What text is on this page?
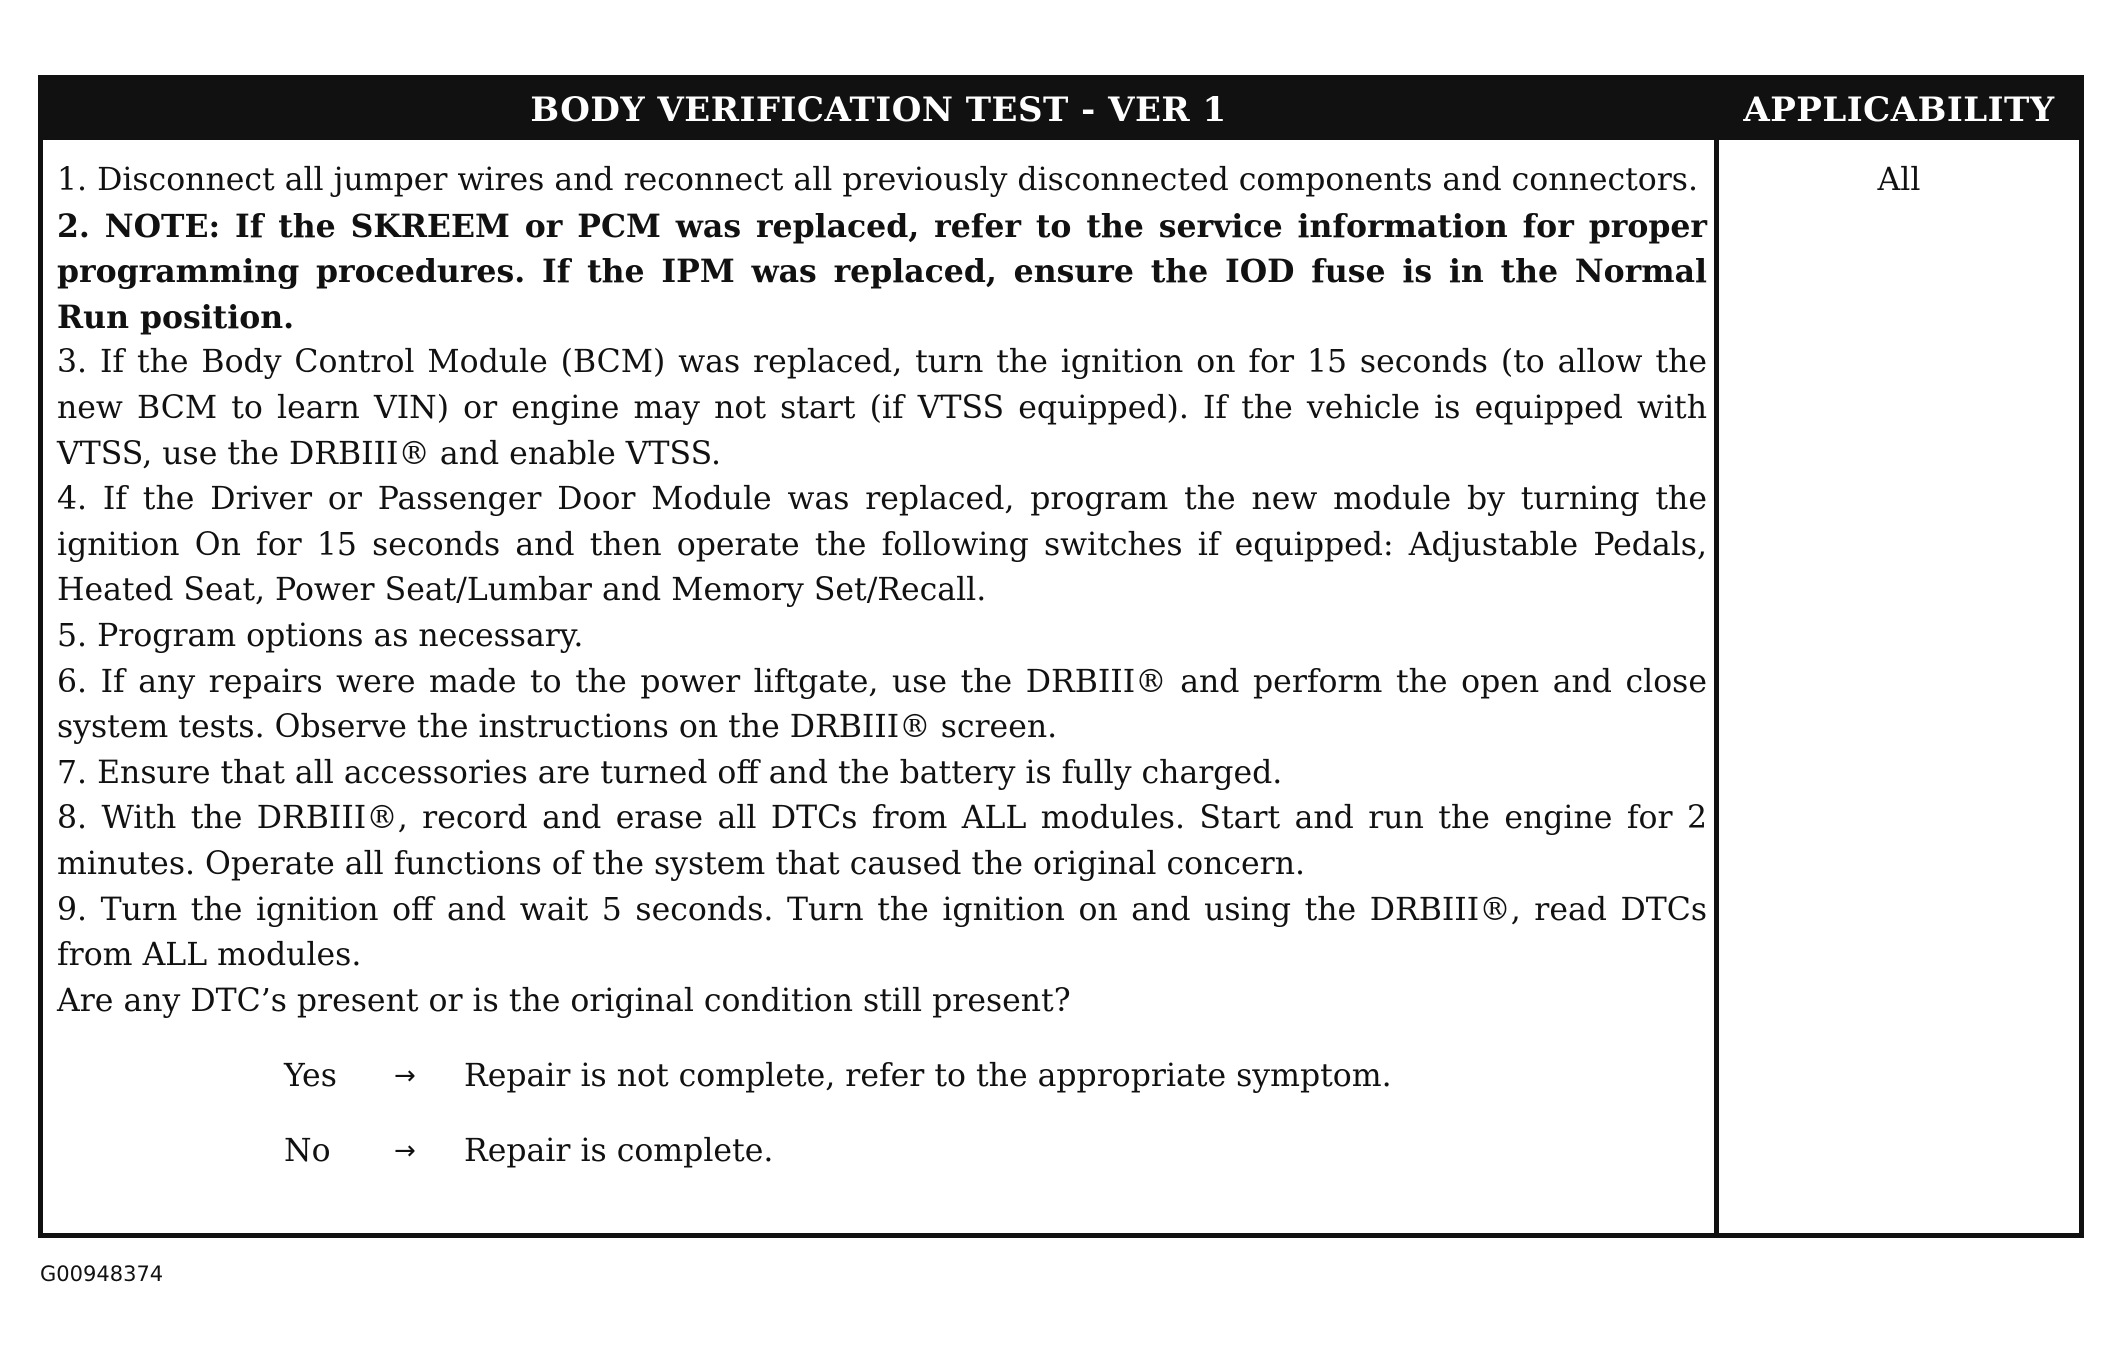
BODY VERIFICATION TEST - VER 1	APPLICABILITY

1. Disconnect all jumper wires and reconnect all previously disconnected components and connectors.

2. NOTE: If the SKREEM or PCM was replaced, refer to the service information for proper programming procedures. If the IPM was replaced, ensure the IOD fuse is in the Normal Run position.

3. If the Body Control Module (BCM) was replaced, turn the ignition on for 15 seconds (to allow the new BCM to learn VIN) or engine may not start (if VTSS equipped). If the vehicle is equipped with VTSS, use the DRBIII® and enable VTSS.

4. If the Driver or Passenger Door Module was replaced, program the new module by turning the ignition On for 15 seconds and then operate the following switches if equipped: Adjustable Pedals, Heated Seat, Power Seat/Lumbar and Memory Set/Recall.

5. Program options as necessary.

6. If any repairs were made to the power liftgate, use the DRBIII® and perform the open and close system tests. Observe the instructions on the DRBIII® screen.

7. Ensure that all accessories are turned off and the battery is fully charged.

8. With the DRBIII®, record and erase all DTCs from ALL modules. Start and run the engine for 2 minutes. Operate all functions of the system that caused the original concern.

9. Turn the ignition off and wait 5 seconds. Turn the ignition on and using the DRBIII®, read DTCs from ALL modules.

Are any DTC’s present or is the original condition still present?

Yes → Repair is not complete, refer to the appropriate symptom.
No → Repair is complete.
All
G00948374
